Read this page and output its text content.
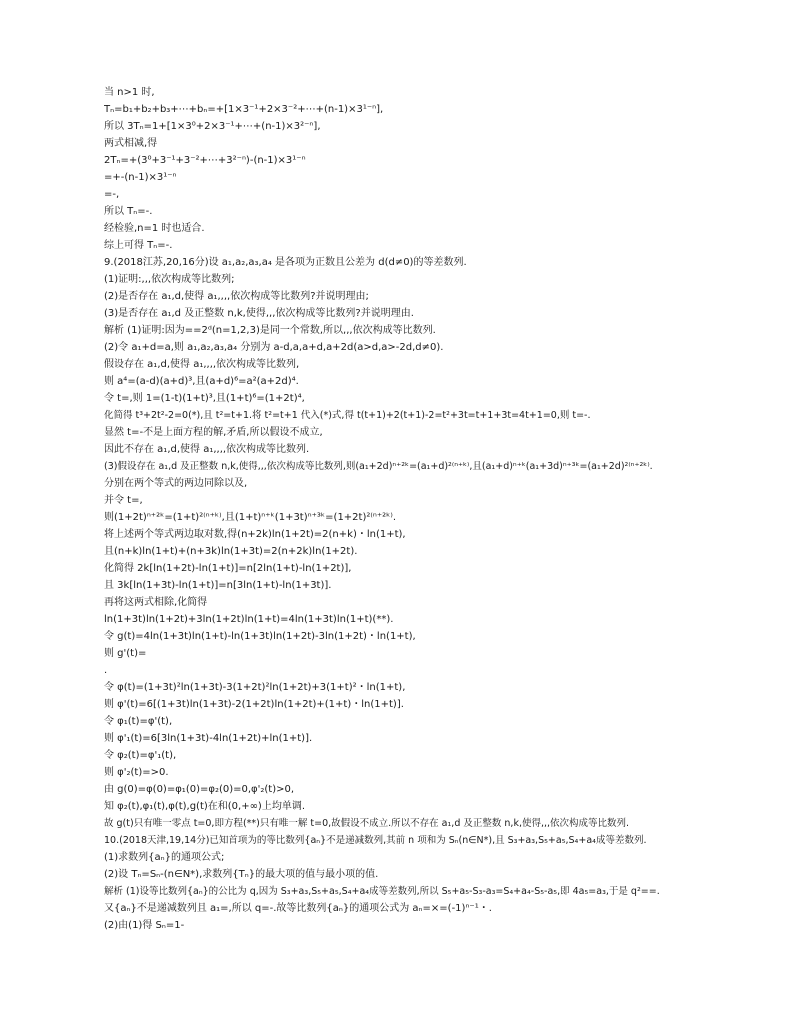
当 n>1 时,
Tₙ=b₁+b₂+b₃+⋯+bₙ=+[1×3⁻¹+2×3⁻²+⋯+(n-1)×3¹⁻ⁿ],
所以 3Tₙ=1+[1×3⁰+2×3⁻¹+⋯+(n-1)×3²⁻ⁿ],
两式相减,得
2Tₙ=+(3⁰+3⁻¹+3⁻²+⋯+3²⁻ⁿ)-(n-1)×3¹⁻ⁿ
=+-(n-1)×3¹⁻ⁿ
=-,
所以 Tₙ=-.
经检验,n=1 时也适合.
综上可得 Tₙ=-.
9.(2018江苏,20,16分)设 a₁,a₂,a₃,a₄ 是各项为正数且公差为 d(d≠0)的等差数列.
(1)证明:,,,依次构成等比数列;
(2)是否存在 a₁,d,使得 a₁,,,,依次构成等比数列?并说明理由;
(3)是否存在 a₁,d 及正整数 n,k,使得,,,依次构成等比数列?并说明理由.
解析 (1)证明:因为==2ᵈ(n=1,2,3)是同一个常数,所以,,,依次构成等比数列.
(2)令 a₁+d=a,则 a₁,a₂,a₃,a₄ 分别为 a-d,a,a+d,a+2d(a>d,a>-2d,d≠0).
假设存在 a₁,d,使得 a₁,,,,依次构成等比数列,
则 a⁴=(a-d)(a+d)³,且(a+d)⁶=a²(a+2d)⁴.
令 t=,则 1=(1-t)(1+t)³,且(1+t)⁶=(1+2t)⁴,
化简得 t³+2t²-2=0(*),且 t²=t+1.将 t²=t+1 代入(*)式,得 t(t+1)+2(t+1)-2=t²+3t=t+1+3t=4t+1=0,则 t=-.
显然 t=-不是上面方程的解,矛盾,所以假设不成立,
因此不存在 a₁,d,使得 a₁,,,,依次构成等比数列.
(3)假设存在 a₁,d 及正整数 n,k,使得,,,依次构成等比数列,则(a₁+2d)ⁿ⁺²ᵏ=(a₁+d)²⁽ⁿ⁺ᵏ⁾,且(a₁+d)ⁿ⁺ᵏ(a₁+3d)ⁿ⁺³ᵏ=(a₁+2d)²⁽ⁿ⁺²ᵏ⁾.
分别在两个等式的两边同除以及,
并令 t=,
则(1+2t)ⁿ⁺²ᵏ=(1+t)²⁽ⁿ⁺ᵏ⁾,且(1+t)ⁿ⁺ᵏ(1+3t)ⁿ⁺³ᵏ=(1+2t)²⁽ⁿ⁺²ᵏ⁾.
将上述两个等式两边取对数,得(n+2k)ln(1+2t)=2(n+k)・ln(1+t),
且(n+k)ln(1+t)+(n+3k)ln(1+3t)=2(n+2k)ln(1+2t).
化简得 2k[ln(1+2t)-ln(1+t)]=n[2ln(1+t)-ln(1+2t)],
且 3k[ln(1+3t)-ln(1+t)]=n[3ln(1+t)-ln(1+3t)].
再将这两式相除,化简得
ln(1+3t)ln(1+2t)+3ln(1+2t)ln(1+t)=4ln(1+3t)ln(1+t)(**).
令 g(t)=4ln(1+3t)ln(1+t)-ln(1+3t)ln(1+2t)-3ln(1+2t)・ln(1+t),
则 g'(t)=
.
令 φ(t)=(1+3t)²ln(1+3t)-3(1+2t)²ln(1+2t)+3(1+t)²・ln(1+t),
则 φ'(t)=6[(1+3t)ln(1+3t)-2(1+2t)ln(1+2t)+(1+t)・ln(1+t)].
令 φ₁(t)=φ'(t),
则 φ'₁(t)=6[3ln(1+3t)-4ln(1+2t)+ln(1+t)].
令 φ₂(t)=φ'₁(t),
则 φ'₂(t)=>0.
由 g(0)=φ(0)=φ₁(0)=φ₂(0)=0,φ'₂(t)>0,
知 φ₂(t),φ₁(t),φ(t),g(t)在和(0,+∞)上均单调.
故 g(t)只有唯一零点 t=0,即方程(**)只有唯一解 t=0,故假设不成立.所以不存在 a₁,d 及正整数 n,k,使得,,,依次构成等比数列.
10.(2018天津,19,14分)已知首项为的等比数列{aₙ}不是递减数列,其前 n 项和为 Sₙ(n∈N*),且 S₃+a₃,S₅+a₅,S₄+a₄成等差数列.
(1)求数列{aₙ}的通项公式;
(2)设 Tₙ=Sₙ-(n∈N*),求数列{Tₙ}的最大项的值与最小项的值.
解析 (1)设等比数列{aₙ}的公比为 q,因为 S₃+a₃,S₅+a₅,S₄+a₄成等差数列,所以 S₅+a₅-S₃-a₃=S₄+a₄-S₅-a₅,即 4a₅=a₃,于是 q²==.
又{aₙ}不是递减数列且 a₁=,所以 q=-.故等比数列{aₙ}的通项公式为 aₙ=×=(-1)ⁿ⁻¹・.
(2)由(1)得 Sₙ=1-
